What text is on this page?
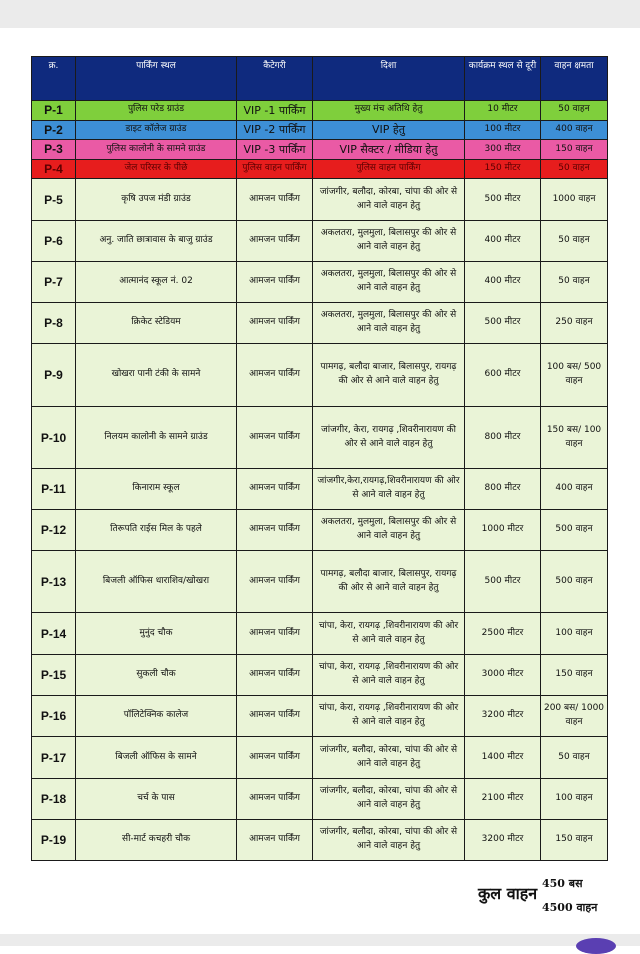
क्र.	पार्किंग स्थल	कैटेगरी	दिशा	कार्यक्रम स्थल से दूरी	वाहन क्षमता
P-1	पुलिस परेड ग्राउंड	VIP -1 पार्किंग	मुख्य मंच अतिथि हेतु	10 मीटर	50 वाहन
P-2	डाइट कॉलेज ग्राउंड	VIP -2 पार्किंग	VIP हेतु	100 मीटर	400 वाहन
P-3	पुलिस कालोनी के सामने ग्राउंड	VIP -3 पार्किंग	VIP सैक्टर / मीडिया हेतु	300 मीटर	150 वाहन
P-4	जेल परिसर के पीछे	पुलिस वाहन पार्किंग	पुलिस वाहन पार्किंग	150 मीटर	50 वाहन
P-5	कृषि उपज मंडी ग्राउंड	आमजन पार्किंग	जांजगीर, बलौदा, कोरबा, चांपा की ओर से आने वाले वाहन हेतु	500 मीटर	1000 वाहन
P-6	अनु. जाति छात्रावास के बाजु ग्राउंड	आमजन पार्किंग	अकलतरा, मुलमुला, बिलासपुर की ओर से आने वाले वाहन हेतु	400 मीटर	50 वाहन
P-7	आत्मानंद स्कूल नं. 02	आमजन पार्किंग	अकलतरा, मुलमुला, बिलासपुर की ओर से आने वाले वाहन हेतु	400 मीटर	50 वाहन
P-8	क्रिकेट स्टेडियम	आमजन पार्किंग	अकलतरा, मुलमुला, बिलासपुर की ओर से आने वाले वाहन हेतु	500 मीटर	250 वाहन
P-9	खोखरा पानी टंकी के सामने	आमजन पार्किंग	पामगढ़, बलौदा बाजार, बिलासपुर, रायगढ़ की ओर से आने वाले वाहन हेतु	600 मीटर	100 बस/ 500 वाहन
P-10	निलयम कालोनी के सामने ग्राउंड	आमजन पार्किंग	जांजगीर, केरा, रायगढ़ ,शिवरीनारायण की ओर से आने वाले वाहन हेतु	800 मीटर	150 बस/ 100 वाहन
P-11	किनाराम स्कूल	आमजन पार्किंग	जांजगीर,केरा,रायगढ़,शिवरीनारायण की ओर से आने वाले वाहन हेतु	800 मीटर	400 वाहन
P-12	तिरूपति राईस मिल के पहले	आमजन पार्किंग	अकलतरा, मुलमुला, बिलासपुर की ओर से आने वाले वाहन हेतु	1000 मीटर	500 वाहन
P-13	बिजली ऑफिस धाराशिव/खोखरा	आमजन पार्किंग	पामगढ़, बलौदा बाजार, बिलासपुर, रायगढ़ की ओर से आने वाले वाहन हेतु	500 मीटर	500 वाहन
P-14	मुनुंद चौक	आमजन पार्किंग	चांपा, केरा, रायगढ़ ,शिवरीनारायण की ओर से आने वाले वाहन हेतु	2500 मीटर	100 वाहन
P-15	सुकली चौक	आमजन पार्किंग	चांपा, केरा, रायगढ़ ,शिवरीनारायण की ओर से आने वाले वाहन हेतु	3000 मीटर	150 वाहन
P-16	पॉलिटेक्निक कालेज	आमजन पार्किंग	चांपा, केरा, रायगढ़ ,शिवरीनारायण की ओर से आने वाले वाहन हेतु	3200 मीटर	200 बस/ 1000 वाहन
P-17	बिजली ऑफिस के सामने	आमजन पार्किंग	जांजगीर, बलौदा, कोरबा, चांपा की ओर से आने वाले वाहन हेतु	1400 मीटर	50 वाहन
P-18	चर्च के पास	आमजन पार्किंग	जांजगीर, बलौदा, कोरबा, चांपा की ओर से आने वाले वाहन हेतु	2100 मीटर	100 वाहन
P-19	सी-मार्ट कचहरी चौक	आमजन पार्किंग	जांजगीर, बलौदा, कोरबा, चांपा की ओर से आने वाले वाहन हेतु	3200 मीटर	150 वाहन
कुल वाहन
450 बस
4500 वाहन
